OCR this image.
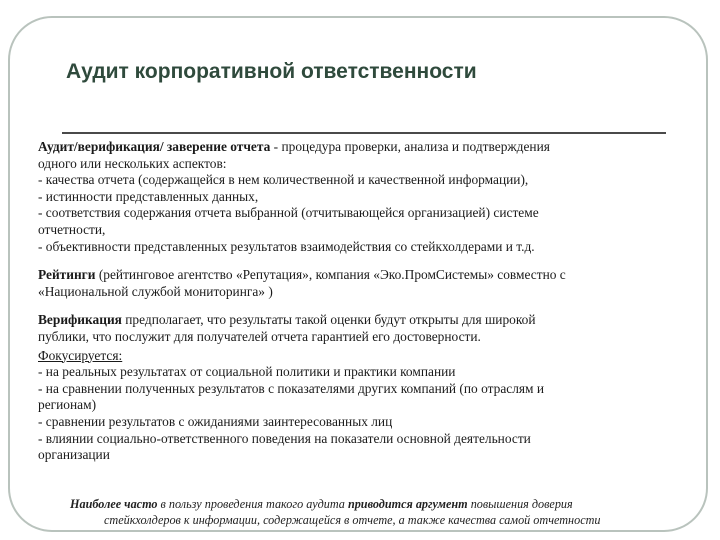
Аудит корпоративной ответственности

Аудит/верификация/ заверение отчета - процедура проверки, анализа и подтверждения

одного или нескольких аспектов:

- качества отчета (содержащейся в нем количественной и качественной информации),

- истинности представленных данных,

- соответствия содержания отчета выбранной (отчитывающейся организацией) системе

отчетности,

- объективности представленных результатов взаимодействия со стейкхолдерами и т.д.

Рейтинги (рейтинговое агентство «Репутация», компания «Эко.ПромСистемы» совместно с

«Национальной службой мониторинга» )

Верификация предполагает, что результаты такой оценки будут открыты для широкой

публики, что послужит для получателей отчета гарантией его достоверности.

Фокусируется:

- на реальных результатах от социальной политики и практики компании

- на сравнении полученных результатов с показателями других компаний (по отраслям и

регионам)

- сравнении результатов с ожиданиями заинтересованных лиц

- влиянии социально-ответственного поведения на показатели основной деятельности

организации

Наиболее часто в пользу проведения такого аудита приводится аргумент повышения доверия
стейкхолдеров к информации, содержащейся в отчете, а также качества самой отчетности
